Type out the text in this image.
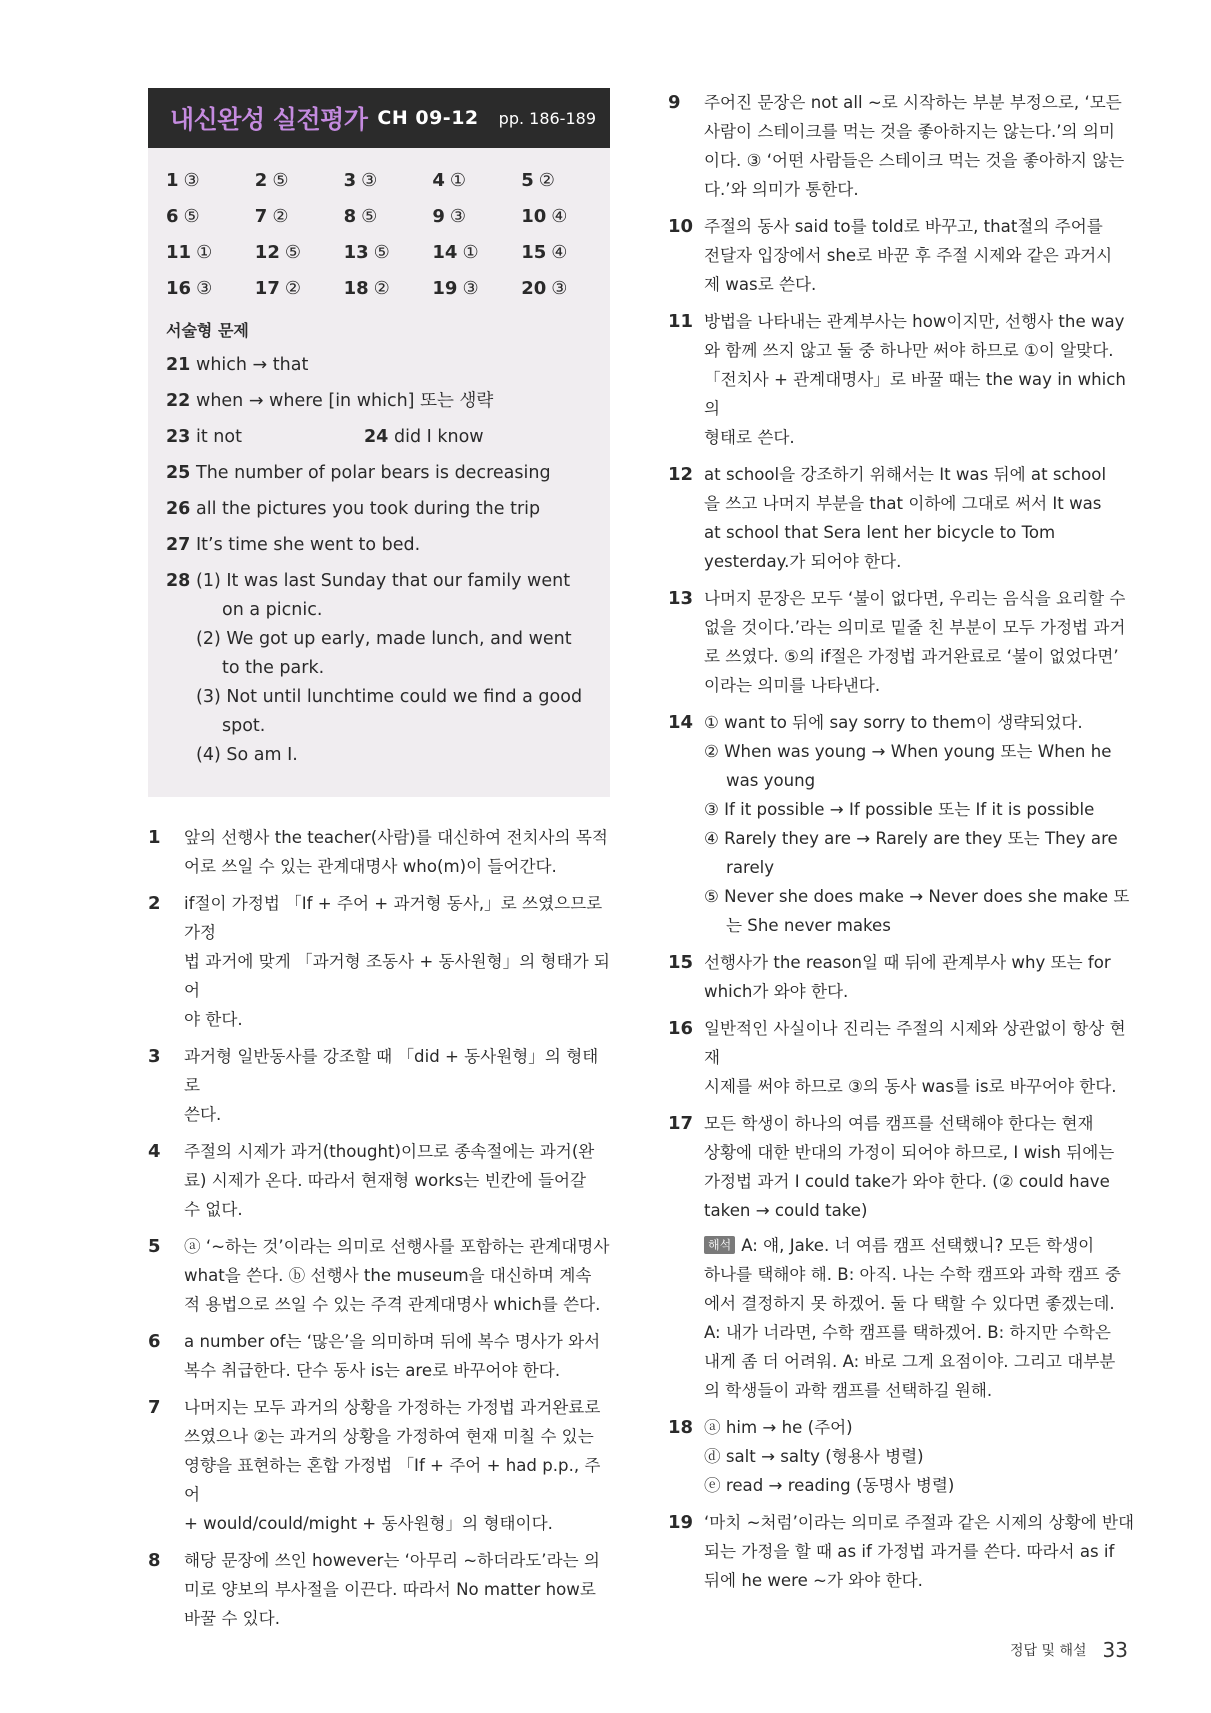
내신완성 실전평가 CH 09-12 pp. 186-189
1 ③	2 ⑤	3 ③	4 ①	5 ②
6 ⑤	7 ②	8 ⑤	9 ③	10 ④
11 ①	12 ⑤	13 ⑤	14 ①	15 ④
16 ③	17 ②	18 ②	19 ③	20 ③
서술형 문제
21 which → that
22 when → where [in which] 또는 생략
23 it not	24 did I know
25 The number of polar bears is decreasing
26 all the pictures you took during the trip
27 It’s time she went to bed.
28 (1) It was last Sunday that our family went on a picnic.
(2) We got up early, made lunch, and went to the park.
(3) Not until lunchtime could we find a good spot.
(4) So am I.
1	앞의 선행사 the teacher(사람)를 대신하여 전치사의 목적
어로 쓰일 수 있는 관계대명사 who(m)이 들어간다.
2	if절이 가정법 「If + 주어 + 과거형 동사,」로 쓰였으므로 가정
법 과거에 맞게 「과거형 조동사 + 동사원형」의 형태가 되어
야 한다.
3	과거형 일반동사를 강조할 때 「did + 동사원형」의 형태로
쓴다.
4	주절의 시제가 과거(thought)이므로 종속절에는 과거(완
료) 시제가 온다. 따라서 현재형 works는 빈칸에 들어갈
수 없다.
5	ⓐ ‘~하는 것’이라는 의미로 선행사를 포함하는 관계대명사
what을 쓴다. ⓑ 선행사 the museum을 대신하며 계속
적 용법으로 쓰일 수 있는 주격 관계대명사 which를 쓴다.
6	a number of는 ‘많은’을 의미하며 뒤에 복수 명사가 와서
복수 취급한다. 단수 동사 is는 are로 바꾸어야 한다.
7	나머지는 모두 과거의 상황을 가정하는 가정법 과거완료로
쓰였으나 ②는 과거의 상황을 가정하여 현재 미칠 수 있는
영향을 표현하는 혼합 가정법 「If + 주어 + had p.p., 주어
+ would/could/might + 동사원형」의 형태이다.
8	해당 문장에 쓰인 however는 ‘아무리 ~하더라도’라는 의
미로 양보의 부사절을 이끈다. 따라서 No matter how로
바꿀 수 있다.
9	주어진 문장은 not all ~로 시작하는 부분 부정으로, ‘모든
사람이 스테이크를 먹는 것을 좋아하지는 않는다.’의 의미
이다. ③ ‘어떤 사람들은 스테이크 먹는 것을 좋아하지 않는
다.’와 의미가 통한다.
10 주절의 동사 said to를 told로 바꾸고, that절의 주어를
전달자 입장에서 she로 바꾼 후 주절 시제와 같은 과거시
제 was로 쓴다.
11 방법을 나타내는 관계부사는 how이지만, 선행사 the way
와 함께 쓰지 않고 둘 중 하나만 써야 하므로 ①이 알맞다.
「전치사 + 관계대명사」로 바꿀 때는 the way in which의
형태로 쓴다.
12 at school을 강조하기 위해서는 It was 뒤에 at school
을 쓰고 나머지 부분을 that 이하에 그대로 써서 It was
at school that Sera lent her bicycle to Tom
yesterday.가 되어야 한다.
13 나머지 문장은 모두 ‘불이 없다면, 우리는 음식을 요리할 수
없을 것이다.’라는 의미로 밑줄 친 부분이 모두 가정법 과거
로 쓰였다. ⑤의 if절은 가정법 과거완료로 ‘불이 없었다면’
이라는 의미를 나타낸다.
14 ① want to 뒤에 say sorry to them이 생략되었다.
② When was young → When young 또는 When he was young
③ If it possible → If possible 또는 If it is possible
④ Rarely they are → Rarely are they 또는 They are rarely
⑤ Never she does make → Never does she make 또는 She never makes
15 선행사가 the reason일 때 뒤에 관계부사 why 또는 for
which가 와야 한다.
16 일반적인 사실이나 진리는 주절의 시제와 상관없이 항상 현재
시제를 써야 하므로 ③의 동사 was를 is로 바꾸어야 한다.
17 모든 학생이 하나의 여름 캠프를 선택해야 한다는 현재
상황에 대한 반대의 가정이 되어야 하므로, I wish 뒤에는
가정법 과거 I could take가 와야 한다. (② could have
taken → could take)
해석 A: 얘, Jake. 너 여름 캠프 선택했니? 모든 학생이
하나를 택해야 해. B: 아직. 나는 수학 캠프와 과학 캠프 중
에서 결정하지 못 하겠어. 둘 다 택할 수 있다면 좋겠는데.
A: 내가 너라면, 수학 캠프를 택하겠어. B: 하지만 수학은
내게 좀 더 어려워. A: 바로 그게 요점이야. 그리고 대부분
의 학생들이 과학 캠프를 선택하길 원해.
18 ⓐ him → he (주어)
ⓓ salt → salty (형용사 병렬)
ⓔ read → reading (동명사 병렬)
19 ‘마치 ~처럼’이라는 의미로 주절과 같은 시제의 상황에 반대
되는 가정을 할 때 as if 가정법 과거를 쓴다. 따라서 as if
뒤에 he were ~가 와야 한다.
정답 및 해설 33
